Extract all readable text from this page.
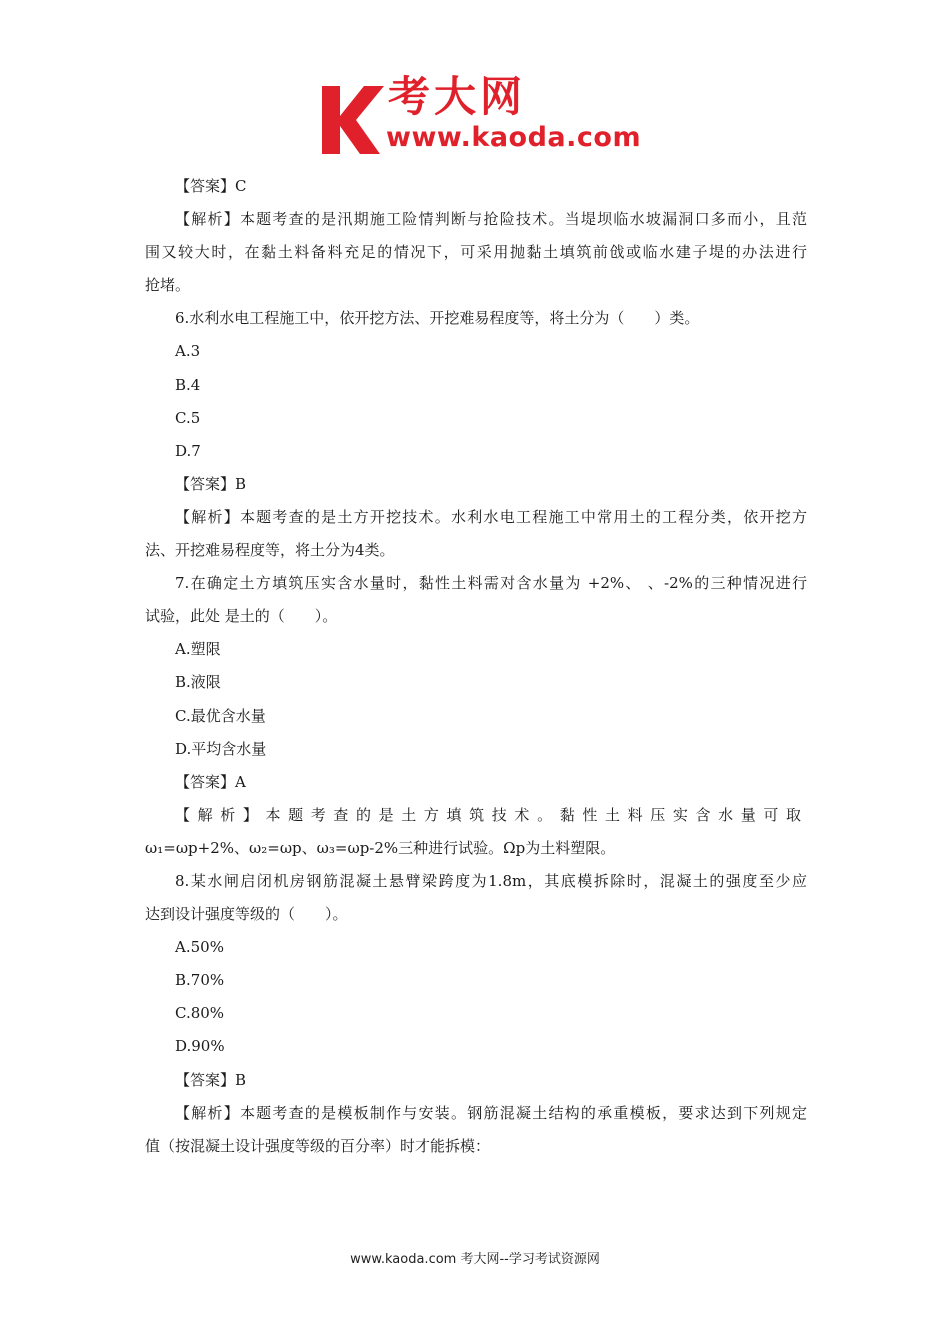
考大网
www.kaoda.com
【答案】C
【解析】本题考查的是汛期施工险情判断与抢险技术。当堤坝临水坡漏洞口多而小，且范
围又较大时，在黏土料备料充足的情况下，可采用抛黏土填筑前戗或临水建子堤的办法进行
抢堵。
6.水利水电工程施工中，依开挖方法、开挖难易程度等，将土分为（　　）类。
A.3
B.4
C.5
D.7
【答案】B
【解析】本题考查的是土方开挖技术。水利水电工程施工中常用土的工程分类，依开挖方
法、开挖难易程度等，将土分为4类。
7.在确定土方填筑压实含水量时，黏性土料需对含水量为 +2%、 、-2%的三种情况进行
试验，此处 是土的（　　）。
A.塑限
B.液限
C.最优含水量
D.平均含水量
【答案】A
【解析】本题考查的是土方填筑技术。黏性土料压实含水量可取
ω₁=ωp+2%、ω₂=ωp、ω₃=ωp-2%三种进行试验。Ωp为土料塑限。
8.某水闸启闭机房钢筋混凝土悬臂梁跨度为1.8m，其底模拆除时，混凝土的强度至少应
达到设计强度等级的（　　）。
A.50%
B.70%
C.80%
D.90%
【答案】B
【解析】本题考查的是模板制作与安装。钢筋混凝土结构的承重模板，要求达到下列规定
值（按混凝土设计强度等级的百分率）时才能拆模：
www.kaoda.com 考大网--学习考试资源网
